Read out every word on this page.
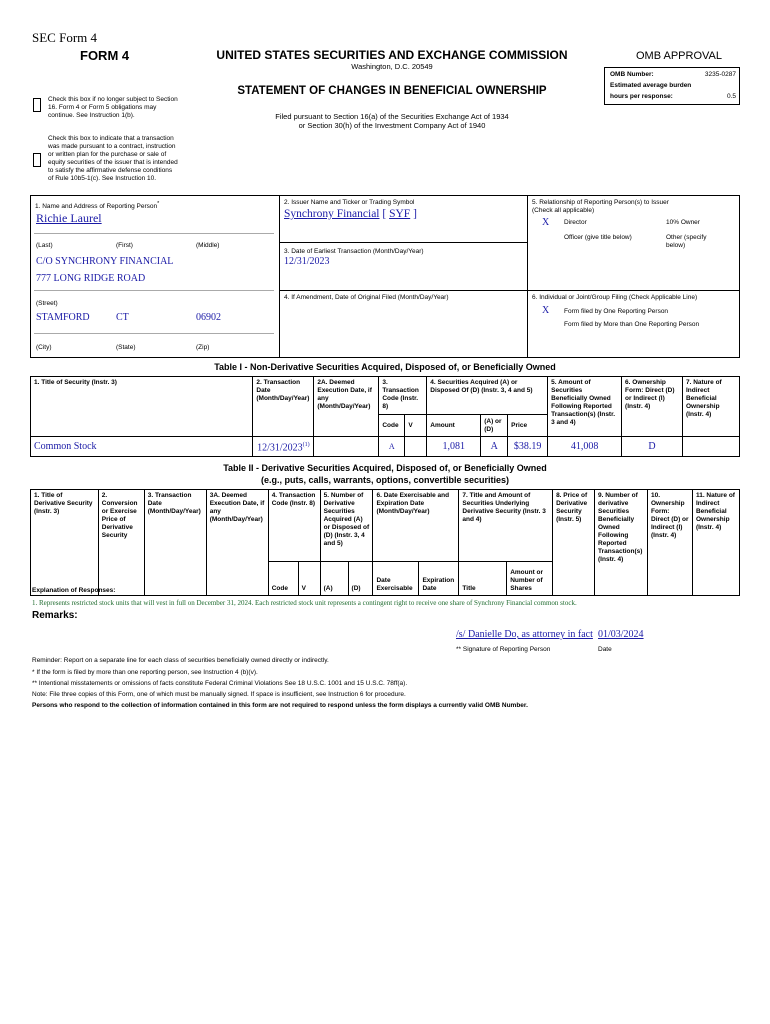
SEC Form 4
FORM 4	UNITED STATES SECURITIES AND EXCHANGE COMMISSION
Washington, D.C. 20549
OMB APPROVAL
OMB Number:	3235-0287
Estimated average burden
hours per response:	0.5
STATEMENT OF CHANGES IN BENEFICIAL OWNERSHIP
Filed pursuant to Section 16(a) of the Securities Exchange Act of 1934
or Section 30(h) of the Investment Company Act of 1940
Check this box if no longer subject to Section 16. Form 4 or Form 5 obligations may continue. See Instruction 1(b).
Check this box to indicate that a transaction was made pursuant to a contract, instruction or written plan for the purchase or sale of equity securities of the issuer that is intended to satisfy the affirmative defense conditions of Rule 10b5-1(c). See Instruction 10.
1. Name and Address of Reporting Person*
Richie Laurel
(Last)	(First)	(Middle)
C/O SYNCHRONY FINANCIAL
777 LONG RIDGE ROAD
(Street)
STAMFORD	CT	06902
(City)	(State)	(Zip)
2. Issuer Name and Ticker or Trading Symbol
Synchrony Financial [ SYF ]
3. Date of Earliest Transaction (Month/Day/Year)
12/31/2023
4. If Amendment, Date of Original Filed (Month/Day/Year)
5. Relationship of Reporting Person(s) to Issuer
(Check all applicable)
X Director	10% Owner
Officer (give title below)	Other (specify below)
6. Individual or Joint/Group Filing (Check Applicable Line)
X Form filed by One Reporting Person
Form filed by More than One Reporting Person
Table I - Non-Derivative Securities Acquired, Disposed of, or Beneficially Owned
1. Title of Security (Instr. 3)	2. Transaction Date (Month/Day/Year)	2A. Deemed Execution Date, if any (Month/Day/Year)	3. Transaction Code (Instr. 8)		4. Securities Acquired (A) or Disposed Of (D) (Instr. 3, 4 and 5)			5. Amount of Securities Beneficially Owned Following Reported Transaction(s) (Instr. 3 and 4)	6. Ownership Form: Direct (D) or Indirect (I) (Instr. 4)	7. Nature of Indirect Beneficial Ownership (Instr. 4)
			Code	V	Amount	(A) or (D)	Price			
Common Stock	12/31/2023$^{(1)}$		A		1,081	A	$38.19	41,008	D	
Table II - Derivative Securities Acquired, Disposed of, or Beneficially Owned
(e.g., puts, calls, warrants, options, convertible securities)
1. Title of Derivative Security (Instr. 3)	2. Conversion or Exercise Price of Derivative Security	3. Transaction Date (Month/Day/Year)	3A. Deemed Execution Date, if any (Month/Day/Year)	4. Transaction Code (Instr. 8)		5. Number of Derivative Securities Acquired (A) or Disposed of (D) (Instr. 3, 4 and 5)		6. Date Exercisable and Expiration Date (Month/Day/Year)		7. Title and Amount of Securities Underlying Derivative Security (Instr. 3 and 4)		8. Price of Derivative Security (Instr. 5)	9. Number of derivative Securities Beneficially Owned Following Reported Transaction(s) (Instr. 4)	10. Ownership Form: Direct (D) or Indirect (I) (Instr. 4)	11. Nature of Indirect Beneficial Ownership (Instr. 4)
				Code	V	(A)	(D)	Date Exercisable	Expiration Date	Title	Amount or Number of Shares				
Explanation of Responses:
1. Represents restricted stock units that will vest in full on December 31, 2024. Each restricted stock unit represents a contingent right to receive one share of Synchrony Financial common stock.
Remarks:
/s/ Danielle Do, as attorney in fact 01/03/2024
** Signature of Reporting Person	Date
Reminder: Report on a separate line for each class of securities beneficially owned directly or indirectly.
* If the form is filed by more than one reporting person, see Instruction 4 (b)(v).
** Intentional misstatements or omissions of facts constitute Federal Criminal Violations See 18 U.S.C. 1001 and 15 U.S.C. 78ff(a).
Note: File three copies of this Form, one of which must be manually signed. If space is insufficient, see Instruction 6 for procedure.
Persons who respond to the collection of information contained in this form are not required to respond unless the form displays a currently valid OMB Number.
